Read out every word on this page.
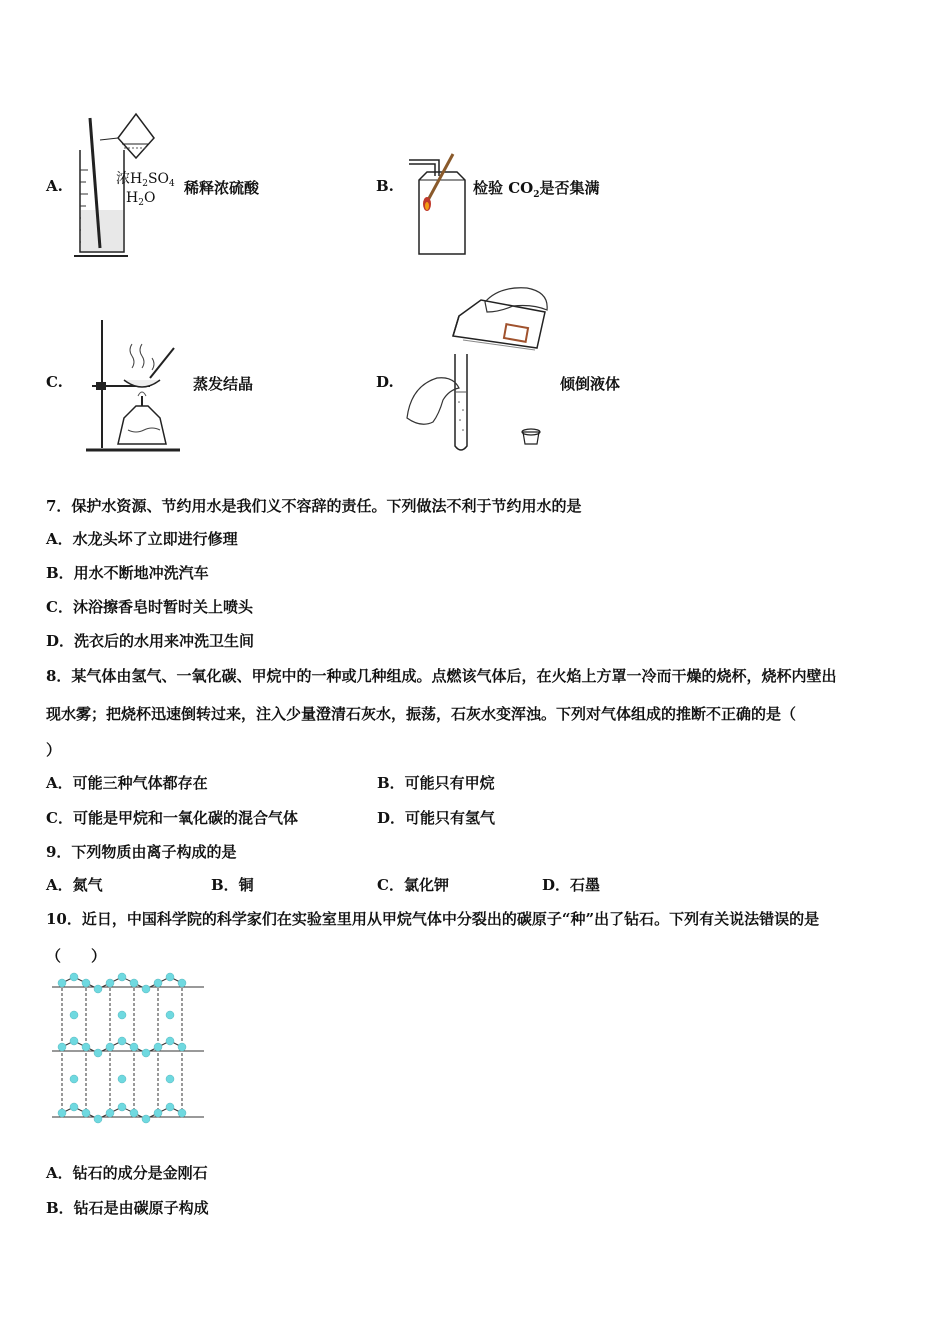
A.	浓$H_2SO_4$
$H_2O$
稀释浓硫酸	B.	检验 $CO_2$是否集满
C.	蒸发结晶	D.	倾倒液体
7．保护水资源、节约用水是我们义不容辞的责任。下列做法不利于节约用水的是
A．水龙头坏了立即进行修理
B．用水不断地冲洗汽车
C．沐浴擦香皂时暂时关上喷头
D．洗衣后的水用来冲洗卫生间
8．某气体由氢气、一氧化碳、甲烷中的一种或几种组成。点燃该气体后，在火焰上方罩一冷而干燥的烧杯，烧杯内壁出
现水雾；把烧杯迅速倒转过来，注入少量澄清石灰水，振荡，石灰水变浑浊。下列对气体组成的推断不正确的是（
）
A．可能三种气体都存在	B．可能只有甲烷
C．可能是甲烷和一氧化碳的混合气体	D．可能只有氢气
9．下列物质由离子构成的是
A．氮气	B．铜	C．氯化钾	D．石墨
10．近日，中国科学院的科学家们在实验室里用从甲烷气体中分裂出的碳原子“种”出了钻石。下列有关说法错误的是
（　　）
A．钻石的成分是金刚石
B．钻石是由碳原子构成
